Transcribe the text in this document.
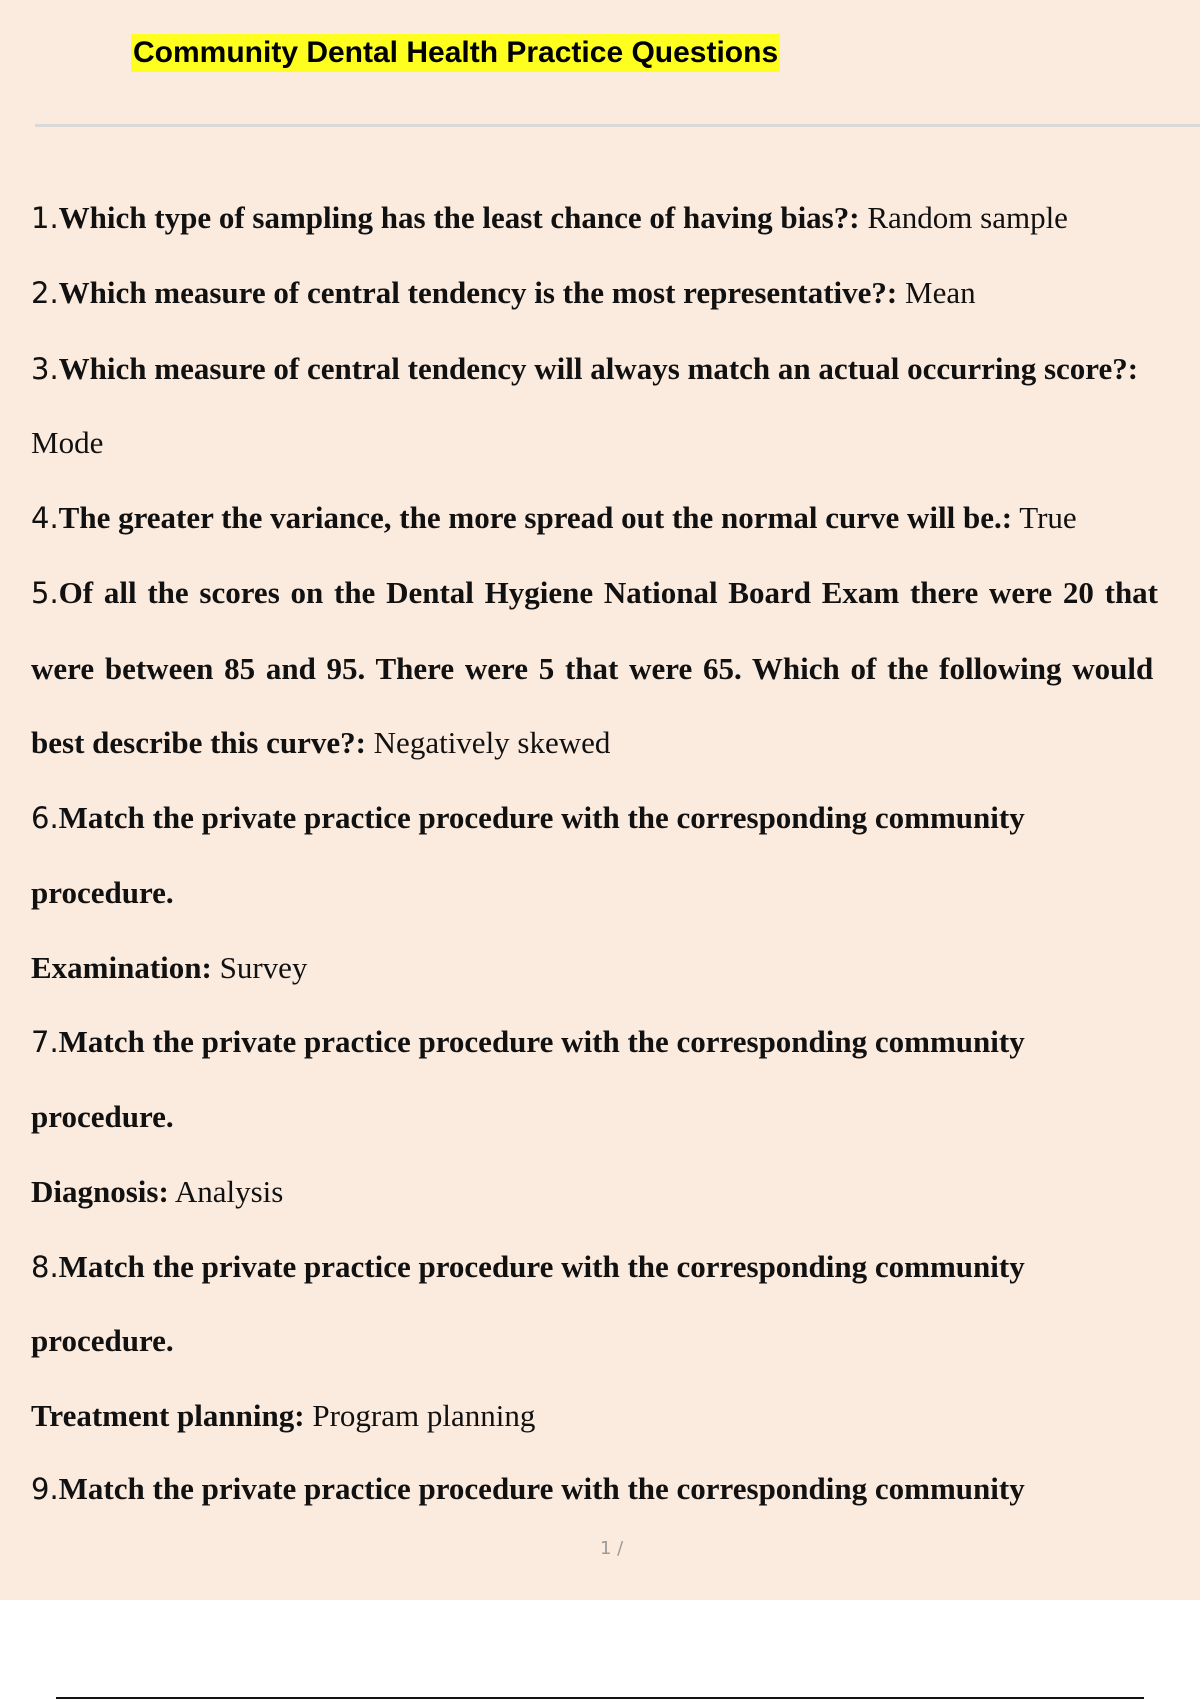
Community Dental Health Practice Questions
1.Which type of sampling has the least chance of having bias?: Random sample
2.Which measure of central tendency is the most representative?: Mean
3.Which measure of central tendency will always match an actual occurring score?:
Mode
4.The greater the variance, the more spread out the normal curve will be.: True
5.Of all the scores on the Dental Hygiene National Board Exam there were 20 that
were between 85 and 95. There were 5 that were 65. Which of the following would
best describe this curve?: Negatively skewed
6.Match the private practice procedure with the corresponding community
procedure.
Examination: Survey
7.Match the private practice procedure with the corresponding community
procedure.
Diagnosis: Analysis
8.Match the private practice procedure with the corresponding community
procedure.
Treatment planning: Program planning
9.Match the private practice procedure with the corresponding community
1 /
